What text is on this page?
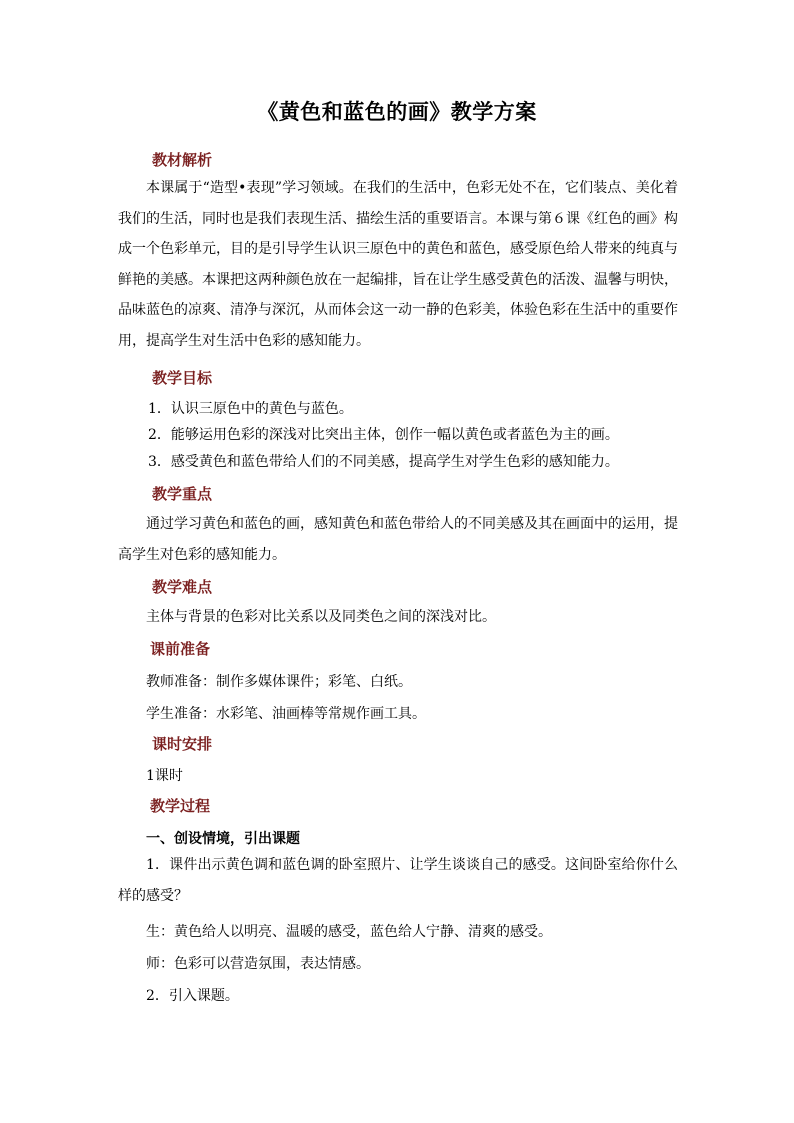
《黄色和蓝色的画》教学方案
教材解析

本课属于“造型•表现”学习领域。在我们的生活中，色彩无处不在，它们装点、美化着我们的生活，同时也是我们表现生活、描绘生活的重要语言。本课与第６课《红色的画》构成一个色彩单元，目的是引导学生认识三原色中的黄色和蓝色，感受原色给人带来的纯真与鲜艳的美感。本课把这两种颜色放在一起编排，旨在让学生感受黄色的活泼、温馨与明快，品味蓝色的凉爽、清净与深沉，从而体会这一动一静的色彩美，体验色彩在生活中的重要作用，提高学生对生活中色彩的感知能力。

教学目标
1．认识三原色中的黄色与蓝色。
2．能够运用色彩的深浅对比突出主体，创作一幅以黄色或者蓝色为主的画。
3．感受黄色和蓝色带给人们的不同美感，提高学生对学生色彩的感知能力。
教学重点

通过学习黄色和蓝色的画，感知黄色和蓝色带给人的不同美感及其在画面中的运用，提高学生对色彩的感知能力。

教学难点
主体与背景的色彩对比关系以及同类色之间的深浅对比。
课前准备
教师准备：制作多媒体课件；彩笔、白纸。
学生准备：水彩笔、油画棒等常规作画工具。
课时安排
1课时
教学过程
一、创设情境，引出课题

1．课件出示黄色调和蓝色调的卧室照片、让学生谈谈自己的感受。这间卧室给你什么样的感受？

生：黄色给人以明亮、温暖的感受，蓝色给人宁静、清爽的感受。
师：色彩可以营造氛围，表达情感。
2．引入课题。
